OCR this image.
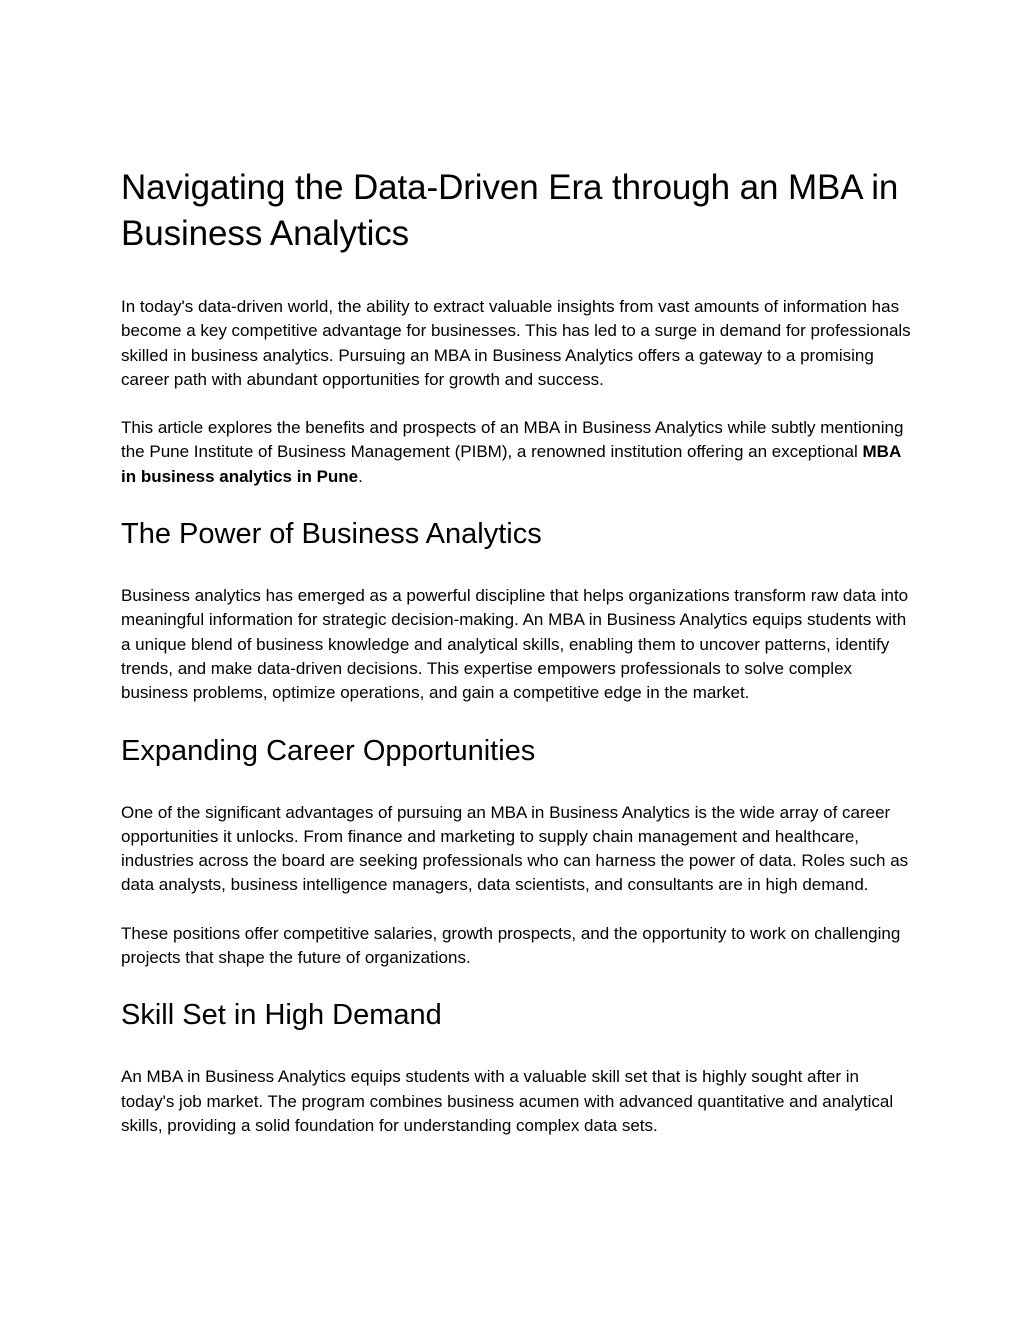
Navigating the Data-Driven Era through an MBA in Business Analytics

In today's data-driven world, the ability to extract valuable insights from vast amounts of information has become a key competitive advantage for businesses. This has led to a surge in demand for professionals skilled in business analytics. Pursuing an MBA in Business Analytics offers a gateway to a promising career path with abundant opportunities for growth and success.

This article explores the benefits and prospects of an MBA in Business Analytics while subtly mentioning the Pune Institute of Business Management (PIBM), a renowned institution offering an exceptional MBA in business analytics in Pune.

The Power of Business Analytics

Business analytics has emerged as a powerful discipline that helps organizations transform raw data into meaningful information for strategic decision-making. An MBA in Business Analytics equips students with a unique blend of business knowledge and analytical skills, enabling them to uncover patterns, identify trends, and make data-driven decisions. This expertise empowers professionals to solve complex business problems, optimize operations, and gain a competitive edge in the market.

Expanding Career Opportunities

One of the significant advantages of pursuing an MBA in Business Analytics is the wide array of career opportunities it unlocks. From finance and marketing to supply chain management and healthcare, industries across the board are seeking professionals who can harness the power of data. Roles such as data analysts, business intelligence managers, data scientists, and consultants are in high demand.

These positions offer competitive salaries, growth prospects, and the opportunity to work on challenging projects that shape the future of organizations.

Skill Set in High Demand

An MBA in Business Analytics equips students with a valuable skill set that is highly sought after in today's job market. The program combines business acumen with advanced quantitative and analytical skills, providing a solid foundation for understanding complex data sets.
